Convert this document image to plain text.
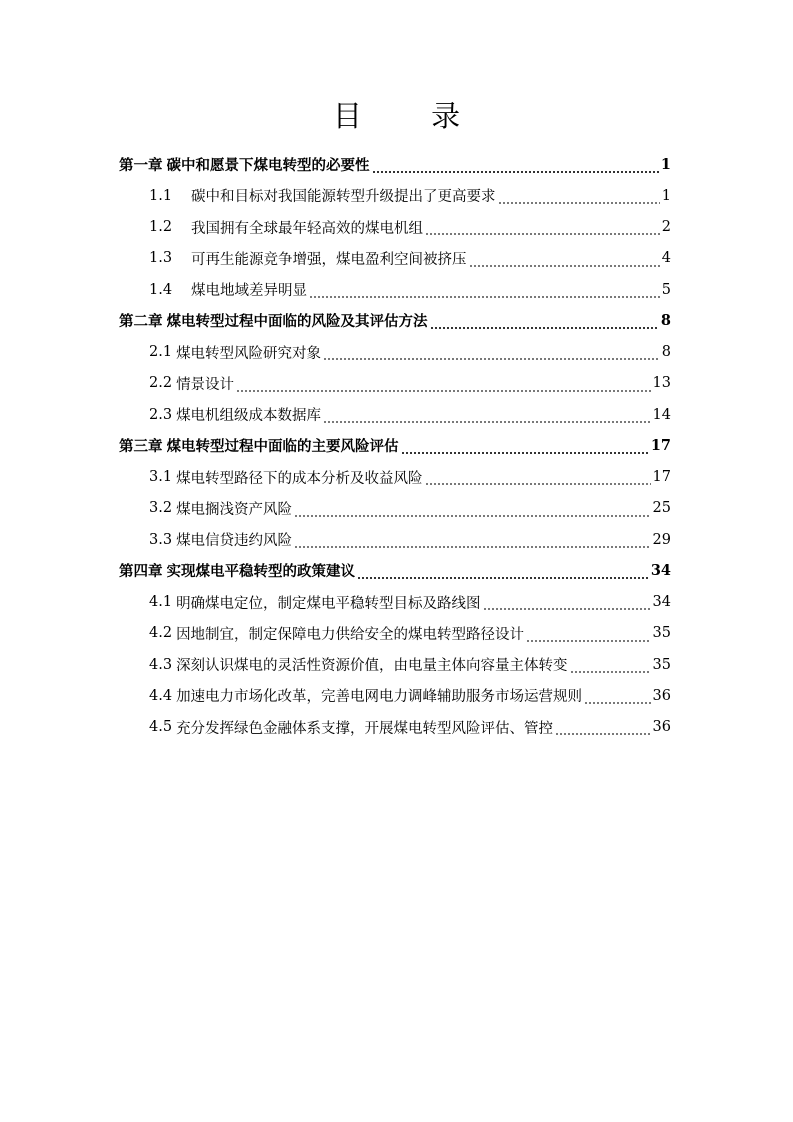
目 录
第一章 碳中和愿景下煤电转型的必要性	1
1.1	碳中和目标对我国能源转型升级提出了更高要求	1
1.2	我国拥有全球最年轻高效的煤电机组	2
1.3	可再生能源竞争增强，煤电盈利空间被挤压	4
1.4	煤电地域差异明显	5
第二章 煤电转型过程中面临的风险及其评估方法	8
2.1 煤电转型风险研究对象	8
2.2 情景设计	13
2.3 煤电机组级成本数据库	14
第三章 煤电转型过程中面临的主要风险评估	17
3.1 煤电转型路径下的成本分析及收益风险	17
3.2 煤电搁浅资产风险	25
3.3 煤电信贷违约风险	29
第四章 实现煤电平稳转型的政策建议	34
4.1 明确煤电定位，制定煤电平稳转型目标及路线图	34
4.2 因地制宜，制定保障电力供给安全的煤电转型路径设计	35
4.3 深刻认识煤电的灵活性资源价值，由电量主体向容量主体转变	35
4.4 加速电力市场化改革，完善电网电力调峰辅助服务市场运营规则	36
4.5 充分发挥绿色金融体系支撑，开展煤电转型风险评估、管控	36
